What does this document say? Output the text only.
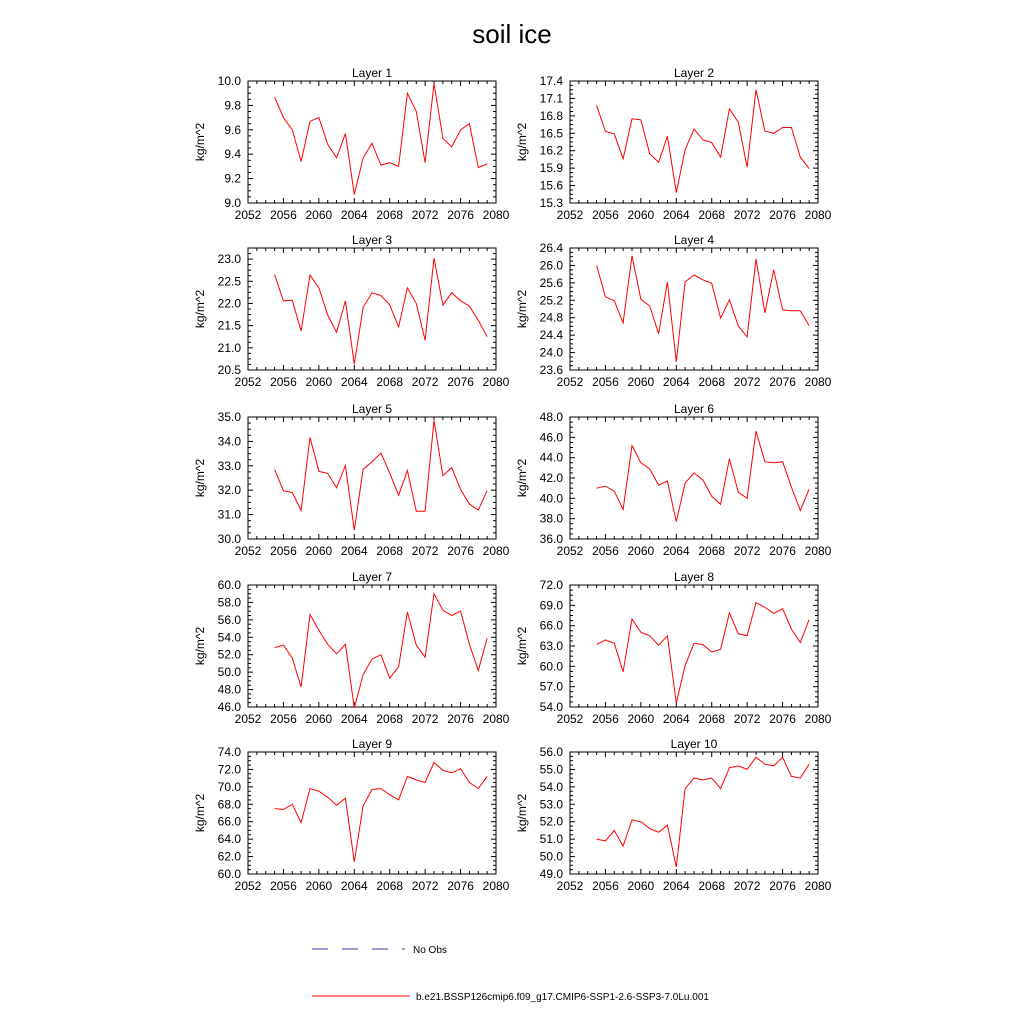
soil ice
Layer 1
2052 2056 2060 2064 2068 2072 2076 2080
9.0
9.2
9.4
9.6
9.8
10.0
kg/m^2
Layer 2
2052 2056 2060 2064 2068 2072 2076 2080
15.3
15.6
15.9
16.2
16.5
16.8
17.1
17.4
kg/m^2
Layer 3
2052 2056 2060 2064 2068 2072 2076 2080
20.5
21.0
21.5
22.0
22.5
23.0
kg/m^2
Layer 4
2052 2056 2060 2064 2068 2072 2076 2080
23.6
24.0
24.4
24.8
25.2
25.6
26.0
26.4
kg/m^2
Layer 5
2052 2056 2060 2064 2068 2072 2076 2080
30.0
31.0
32.0
33.0
34.0
35.0
kg/m^2
Layer 6
2052 2056 2060 2064 2068 2072 2076 2080
36.0
38.0
40.0
42.0
44.0
46.0
48.0
kg/m^2
Layer 7
2052 2056 2060 2064 2068 2072 2076 2080
46.0
48.0
50.0
52.0
54.0
56.0
58.0
60.0
kg/m^2
Layer 8
2052 2056 2060 2064 2068 2072 2076 2080
54.0
57.0
60.0
63.0
66.0
69.0
72.0
kg/m^2
Layer 9
2052 2056 2060 2064 2068 2072 2076 2080
60.0
62.0
64.0
66.0
68.0
70.0
72.0
74.0
kg/m^2
Layer 10
2052 2056 2060 2064 2068 2072 2076 2080
49.0
50.0
51.0
52.0
53.0
54.0
55.0
56.0
kg/m^2
No Obs
b.e21.BSSP126cmip6.f09_g17.CMIP6-SSP1-2.6-SSP3-7.0Lu.001
